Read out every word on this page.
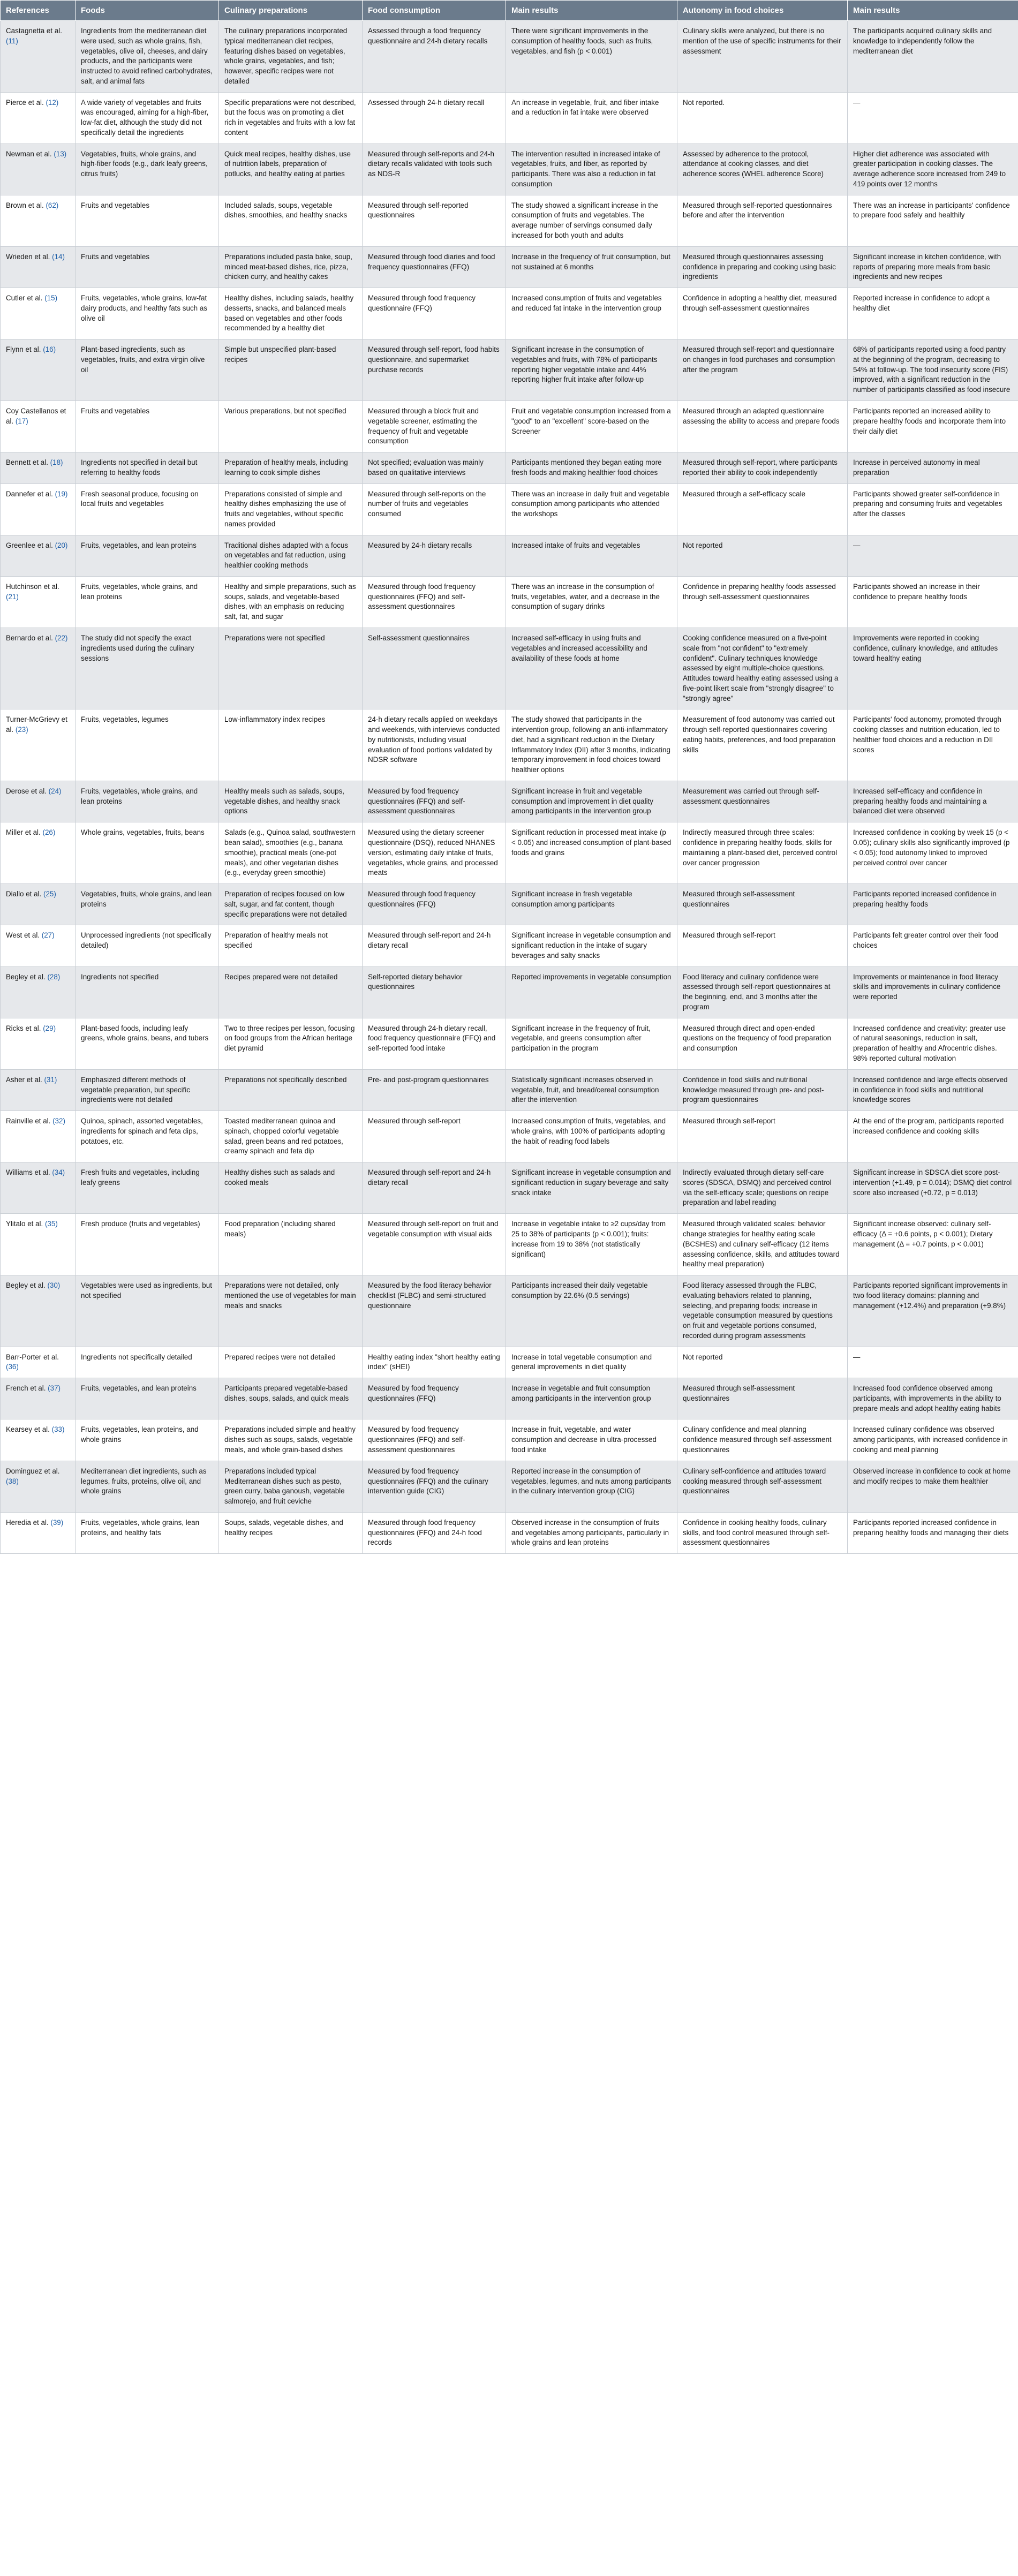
References	Foods	Culinary preparations	Food consumption	Main results	Autonomy in food choices	Main results
Castagnetta et al. (11)	Ingredients from the mediterranean diet were used, such as whole grains, fish, vegetables, olive oil, cheeses, and dairy products, and the participants were instructed to avoid refined carbohydrates, salt, and animal fats	The culinary preparations incorporated typical mediterranean diet recipes, featuring dishes based on vegetables, whole grains, vegetables, and fish; however, specific recipes were not detailed	Assessed through a food frequency questionnaire and 24-h dietary recalls	There were significant improvements in the consumption of healthy foods, such as fruits, vegetables, and fish (p < 0.001)	Culinary skills were analyzed, but there is no mention of the use of specific instruments for their assessment	The participants acquired culinary skills and knowledge to independently follow the mediterranean diet
Pierce et al. (12)	A wide variety of vegetables and fruits was encouraged, aiming for a high-fiber, low-fat diet, although the study did not specifically detail the ingredients	Specific preparations were not described, but the focus was on promoting a diet rich in vegetables and fruits with a low fat content	Assessed through 24-h dietary recall	An increase in vegetable, fruit, and fiber intake and a reduction in fat intake were observed	Not reported.	—
Newman et al. (13)	Vegetables, fruits, whole grains, and high-fiber foods (e.g., dark leafy greens, citrus fruits)	Quick meal recipes, healthy dishes, use of nutrition labels, preparation of potlucks, and healthy eating at parties	Measured through self-reports and 24-h dietary recalls validated with tools such as NDS-R	The intervention resulted in increased intake of vegetables, fruits, and fiber, as reported by participants. There was also a reduction in fat consumption	Assessed by adherence to the protocol, attendance at cooking classes, and diet adherence scores (WHEL adherence Score)	Higher diet adherence was associated with greater participation in cooking classes. The average adherence score increased from 249 to 419 points over 12 months
Brown et al. (62)	Fruits and vegetables	Included salads, soups, vegetable dishes, smoothies, and healthy snacks	Measured through self-reported questionnaires	The study showed a significant increase in the consumption of fruits and vegetables. The average number of servings consumed daily increased for both youth and adults	Measured through self-reported questionnaires before and after the intervention	There was an increase in participants' confidence to prepare food safely and healthily
Wrieden et al. (14)	Fruits and vegetables	Preparations included pasta bake, soup, minced meat-based dishes, rice, pizza, chicken curry, and healthy cakes	Measured through food diaries and food frequency questionnaires (FFQ)	Increase in the frequency of fruit consumption, but not sustained at 6 months	Measured through questionnaires assessing confidence in preparing and cooking using basic ingredients	Significant increase in kitchen confidence, with reports of preparing more meals from basic ingredients and new recipes
Cutler et al. (15)	Fruits, vegetables, whole grains, low-fat dairy products, and healthy fats such as olive oil	Healthy dishes, including salads, healthy desserts, snacks, and balanced meals based on vegetables and other foods recommended by a healthy diet	Measured through food frequency questionnaire (FFQ)	Increased consumption of fruits and vegetables and reduced fat intake in the intervention group	Confidence in adopting a healthy diet, measured through self-assessment questionnaires	Reported increase in confidence to adopt a healthy diet
Flynn et al. (16)	Plant-based ingredients, such as vegetables, fruits, and extra virgin olive oil	Simple but unspecified plant-based recipes	Measured through self-report, food habits questionnaire, and supermarket purchase records	Significant increase in the consumption of vegetables and fruits, with 78% of participants reporting higher vegetable intake and 44% reporting higher fruit intake after follow-up	Measured through self-report and questionnaire on changes in food purchases and consumption after the program	68% of participants reported using a food pantry at the beginning of the program, decreasing to 54% at follow-up. The food insecurity score (FIS) improved, with a significant reduction in the number of participants classified as food insecure
Coy Castellanos et al. (17)	Fruits and vegetables	Various preparations, but not specified	Measured through a block fruit and vegetable screener, estimating the frequency of fruit and vegetable consumption	Fruit and vegetable consumption increased from a "good" to an "excellent" score-based on the Screener	Measured through an adapted questionnaire assessing the ability to access and prepare foods	Participants reported an increased ability to prepare healthy foods and incorporate them into their daily diet
Bennett et al. (18)	Ingredients not specified in detail but referring to healthy foods	Preparation of healthy meals, including learning to cook simple dishes	Not specified; evaluation was mainly based on qualitative interviews	Participants mentioned they began eating more fresh foods and making healthier food choices	Measured through self-report, where participants reported their ability to cook independently	Increase in perceived autonomy in meal preparation
Dannefer et al. (19)	Fresh seasonal produce, focusing on local fruits and vegetables	Preparations consisted of simple and healthy dishes emphasizing the use of fruits and vegetables, without specific names provided	Measured through self-reports on the number of fruits and vegetables consumed	There was an increase in daily fruit and vegetable consumption among participants who attended the workshops	Measured through a self-efficacy scale	Participants showed greater self-confidence in preparing and consuming fruits and vegetables after the classes
Greenlee et al. (20)	Fruits, vegetables, and lean proteins	Traditional dishes adapted with a focus on vegetables and fat reduction, using healthier cooking methods	Measured by 24-h dietary recalls	Increased intake of fruits and vegetables	Not reported	—
Hutchinson et al. (21)	Fruits, vegetables, whole grains, and lean proteins	Healthy and simple preparations, such as soups, salads, and vegetable-based dishes, with an emphasis on reducing salt, fat, and sugar	Measured through food frequency questionnaires (FFQ) and self-assessment questionnaires	There was an increase in the consumption of fruits, vegetables, water, and a decrease in the consumption of sugary drinks	Confidence in preparing healthy foods assessed through self-assessment questionnaires	Participants showed an increase in their confidence to prepare healthy foods
Bernardo et al. (22)	The study did not specify the exact ingredients used during the culinary sessions	Preparations were not specified	Self-assessment questionnaires	Increased self-efficacy in using fruits and vegetables and increased accessibility and availability of these foods at home	Cooking confidence measured on a five-point scale from "not confident" to "extremely confident". Culinary techniques knowledge assessed by eight multiple-choice questions. Attitudes toward healthy eating assessed using a five-point likert scale from "strongly disagree" to "strongly agree"	Improvements were reported in cooking confidence, culinary knowledge, and attitudes toward healthy eating
Turner-McGrievy et al. (23)	Fruits, vegetables, legumes	Low-inflammatory index recipes	24-h dietary recalls applied on weekdays and weekends, with interviews conducted by nutritionists, including visual evaluation of food portions validated by NDSR software	The study showed that participants in the intervention group, following an anti-inflammatory diet, had a significant reduction in the Dietary Inflammatory Index (DII) after 3 months, indicating temporary improvement in food choices toward healthier options	Measurement of food autonomy was carried out through self-reported questionnaires covering eating habits, preferences, and food preparation skills	Participants' food autonomy, promoted through cooking classes and nutrition education, led to healthier food choices and a reduction in DII scores
Derose et al. (24)	Fruits, vegetables, whole grains, and lean proteins	Healthy meals such as salads, soups, vegetable dishes, and healthy snack options	Measured by food frequency questionnaires (FFQ) and self-assessment questionnaires	Significant increase in fruit and vegetable consumption and improvement in diet quality among participants in the intervention group	Measurement was carried out through self-assessment questionnaires	Increased self-efficacy and confidence in preparing healthy foods and maintaining a balanced diet were observed
Miller et al. (26)	Whole grains, vegetables, fruits, beans	Salads (e.g., Quinoa salad, southwestern bean salad), smoothies (e.g., banana smoothie), practical meals (one-pot meals), and other vegetarian dishes (e.g., everyday green smoothie)	Measured using the dietary screener questionnaire (DSQ), reduced NHANES version, estimating daily intake of fruits, vegetables, whole grains, and processed meats	Significant reduction in processed meat intake (p < 0.05) and increased consumption of plant-based foods and grains	Indirectly measured through three scales: confidence in preparing healthy foods, skills for maintaining a plant-based diet, perceived control over cancer progression	Increased confidence in cooking by week 15 (p < 0.05); culinary skills also significantly improved (p < 0.05); food autonomy linked to improved perceived control over cancer
Diallo et al. (25)	Vegetables, fruits, whole grains, and lean proteins	Preparation of recipes focused on low salt, sugar, and fat content, though specific preparations were not detailed	Measured through food frequency questionnaires (FFQ)	Significant increase in fresh vegetable consumption among participants	Measured through self-assessment questionnaires	Participants reported increased confidence in preparing healthy foods
West et al. (27)	Unprocessed ingredients (not specifically detailed)	Preparation of healthy meals not specified	Measured through self-report and 24-h dietary recall	Significant increase in vegetable consumption and significant reduction in the intake of sugary beverages and salty snacks	Measured through self-report	Participants felt greater control over their food choices
Begley et al. (28)	Ingredients not specified	Recipes prepared were not detailed	Self-reported dietary behavior questionnaires	Reported improvements in vegetable consumption	Food literacy and culinary confidence were assessed through self-report questionnaires at the beginning, end, and 3 months after the program	Improvements or maintenance in food literacy skills and improvements in culinary confidence were reported
Ricks et al. (29)	Plant-based foods, including leafy greens, whole grains, beans, and tubers	Two to three recipes per lesson, focusing on food groups from the African heritage diet pyramid	Measured through 24-h dietary recall, food frequency questionnaire (FFQ) and self-reported food intake	Significant increase in the frequency of fruit, vegetable, and greens consumption after participation in the program	Measured through direct and open-ended questions on the frequency of food preparation and consumption	Increased confidence and creativity: greater use of natural seasonings, reduction in salt, preparation of healthy and Afrocentric dishes. 98% reported cultural motivation
Asher et al. (31)	Emphasized different methods of vegetable preparation, but specific ingredients were not detailed	Preparations not specifically described	Pre- and post-program questionnaires	Statistically significant increases observed in vegetable, fruit, and bread/cereal consumption after the intervention	Confidence in food skills and nutritional knowledge measured through pre- and post-program questionnaires	Increased confidence and large effects observed in confidence in food skills and nutritional knowledge scores
Rainville et al. (32)	Quinoa, spinach, assorted vegetables, ingredients for spinach and feta dips, potatoes, etc.	Toasted mediterranean quinoa and spinach, chopped colorful vegetable salad, green beans and red potatoes, creamy spinach and feta dip	Measured through self-report	Increased consumption of fruits, vegetables, and whole grains, with 100% of participants adopting the habit of reading food labels	Measured through self-report	At the end of the program, participants reported increased confidence and cooking skills
Williams et al. (34)	Fresh fruits and vegetables, including leafy greens	Healthy dishes such as salads and cooked meals	Measured through self-report and 24-h dietary recall	Significant increase in vegetable consumption and significant reduction in sugary beverage and salty snack intake	Indirectly evaluated through dietary self-care scores (SDSCA, DSMQ) and perceived control via the self-efficacy scale; questions on recipe preparation and label reading	Significant increase in SDSCA diet score post-intervention (+1.49, p = 0.014); DSMQ diet control score also increased (+0.72, p = 0.013)
Ylitalo et al. (35)	Fresh produce (fruits and vegetables)	Food preparation (including shared meals)	Measured through self-report on fruit and vegetable consumption with visual aids	Increase in vegetable intake to ≥2 cups/day from 25 to 38% of participants (p < 0.001); fruits: increase from 19 to 38% (not statistically significant)	Measured through validated scales: behavior change strategies for healthy eating scale (BCSHES) and culinary self-efficacy (12 items assessing confidence, skills, and attitudes toward healthy meal preparation)	Significant increase observed: culinary self-efficacy (Δ = +0.6 points, p < 0.001); Dietary management (Δ = +0.7 points, p < 0.001)
Begley et al. (30)	Vegetables were used as ingredients, but not specified	Preparations were not detailed, only mentioned the use of vegetables for main meals and snacks	Measured by the food literacy behavior checklist (FLBC) and semi-structured questionnaire	Participants increased their daily vegetable consumption by 22.6% (0.5 servings)	Food literacy assessed through the FLBC, evaluating behaviors related to planning, selecting, and preparing foods; increase in vegetable consumption measured by questions on fruit and vegetable portions consumed, recorded during program assessments	Participants reported significant improvements in two food literacy domains: planning and management (+12.4%) and preparation (+9.8%)
Barr-Porter et al. (36)	Ingredients not specifically detailed	Prepared recipes were not detailed	Healthy eating index "short healthy eating index" (sHEI)	Increase in total vegetable consumption and general improvements in diet quality	Not reported	—
French et al. (37)	Fruits, vegetables, and lean proteins	Participants prepared vegetable-based dishes, soups, salads, and quick meals	Measured by food frequency questionnaires (FFQ)	Increase in vegetable and fruit consumption among participants in the intervention group	Measured through self-assessment questionnaires	Increased food confidence observed among participants, with improvements in the ability to prepare meals and adopt healthy eating habits
Kearsey et al. (33)	Fruits, vegetables, lean proteins, and whole grains	Preparations included simple and healthy dishes such as soups, salads, vegetable meals, and whole grain-based dishes	Measured by food frequency questionnaires (FFQ) and self-assessment questionnaires	Increase in fruit, vegetable, and water consumption and decrease in ultra-processed food intake	Culinary confidence and meal planning confidence measured through self-assessment questionnaires	Increased culinary confidence was observed among participants, with increased confidence in cooking and meal planning
Dominguez et al. (38)	Mediterranean diet ingredients, such as legumes, fruits, proteins, olive oil, and whole grains	Preparations included typical Mediterranean dishes such as pesto, green curry, baba ganoush, vegetable salmorejo, and fruit ceviche	Measured by food frequency questionnaires (FFQ) and the culinary intervention guide (CIG)	Reported increase in the consumption of vegetables, legumes, and nuts among participants in the culinary intervention group (CIG)	Culinary self-confidence and attitudes toward cooking measured through self-assessment questionnaires	Observed increase in confidence to cook at home and modify recipes to make them healthier
Heredia et al. (39)	Fruits, vegetables, whole grains, lean proteins, and healthy fats	Soups, salads, vegetable dishes, and healthy recipes	Measured through food frequency questionnaires (FFQ) and 24-h food records	Observed increase in the consumption of fruits and vegetables among participants, particularly in whole grains and lean proteins	Confidence in cooking healthy foods, culinary skills, and food control measured through self-assessment questionnaires	Participants reported increased confidence in preparing healthy foods and managing their diets
